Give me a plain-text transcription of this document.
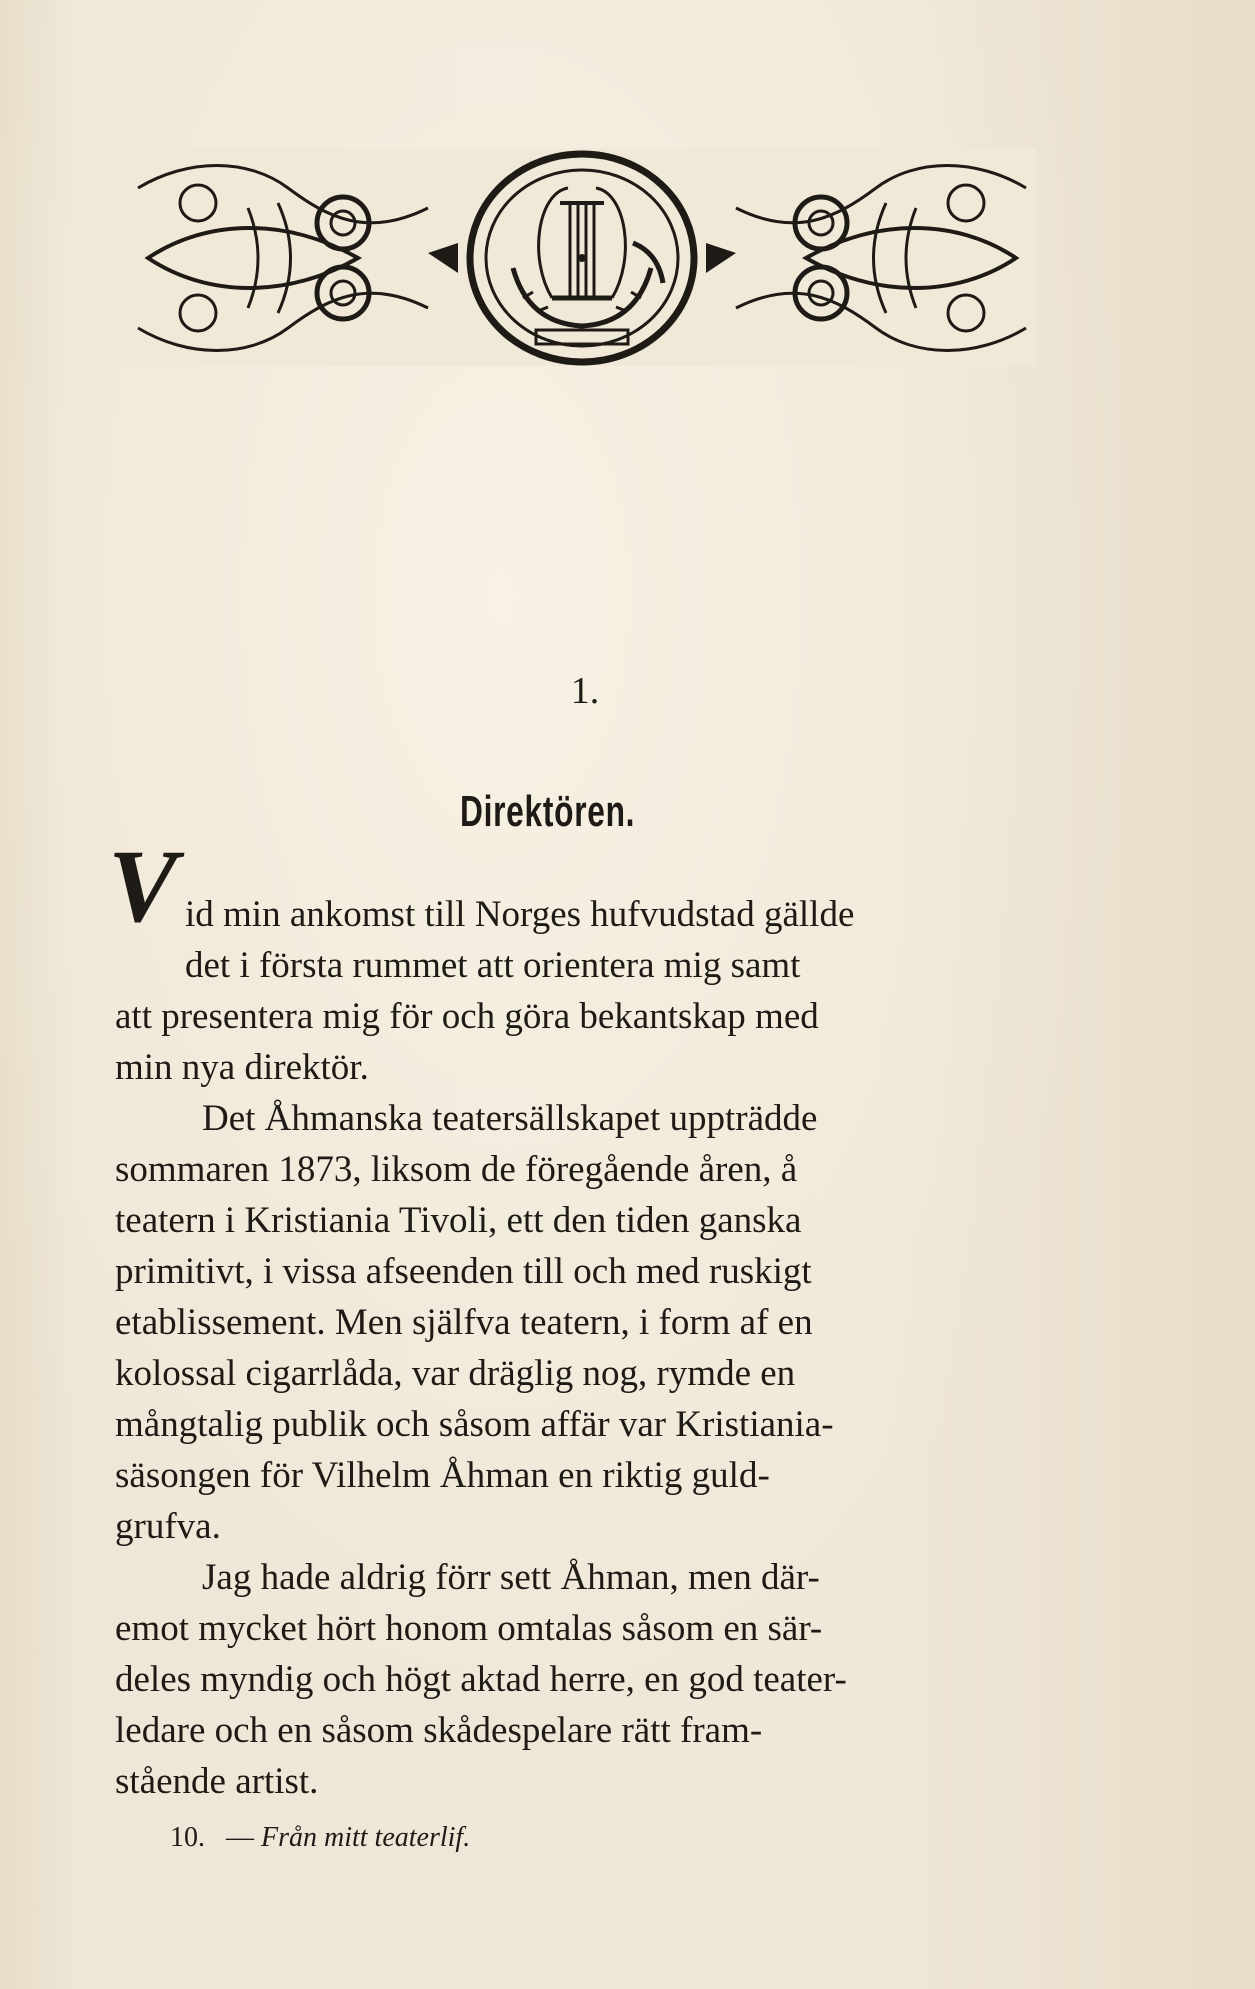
1.
Direktören.
V id min ankomst till Norges hufvudstad gällde
det i första rummet att orientera mig samt
att presentera mig för och göra bekantskap med
min nya direktör.
Det Åhmanska teatersällskapet uppträdde
sommaren 1873, liksom de föregående åren, å
teatern i Kristiania Tivoli, ett den tiden ganska
primitivt, i vissa afseenden till och med ruskigt
etablissement. Men själfva teatern, i form af en
kolossal cigarrlåda, var dräglig nog, rymde en
mångtalig publik och såsom affär var Kristiania-
säsongen för Vilhelm Åhman en riktig guld-
grufva.
Jag hade aldrig förr sett Åhman, men där-
emot mycket hört honom omtalas såsom en sär-
deles myndig och högt aktad herre, en god teater-
ledare och en såsom skådespelare rätt fram-
stående artist.
10. — Från mitt teaterlif.
